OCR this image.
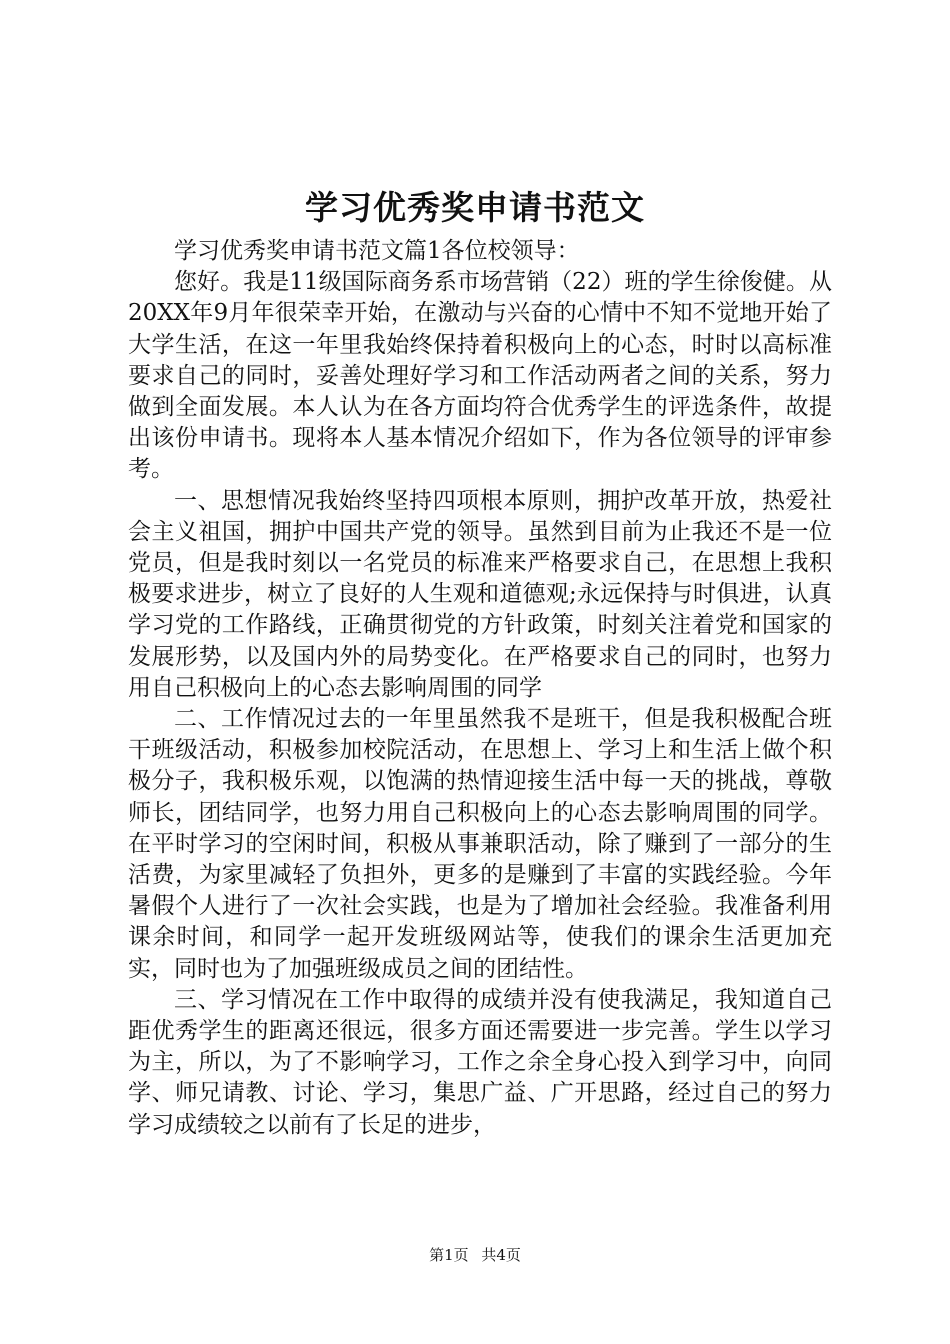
学习优秀奖申请书范文

学习优秀奖申请书范文篇1各位校领导：

您好。我是11级国际商务系市场营销（22）班的学生徐俊健。从20XX年9月年很荣幸开始，在激动与兴奋的心情中不知不觉地开始了大学生活，在这一年里我始终保持着积极向上的心态，时时以高标准要求自己的同时，妥善处理好学习和工作活动两者之间的关系，努力做到全面发展。本人认为在各方面均符合优秀学生的评选条件，故提出该份申请书。现将本人基本情况介绍如下，作为各位领导的评审参考。

一、思想情况我始终坚持四项根本原则，拥护改革开放，热爱社会主义祖国，拥护中国共产党的领导。虽然到目前为止我还不是一位党员，但是我时刻以一名党员的标准来严格要求自己，在思想上我积极要求进步，树立了良好的人生观和道德观;永远保持与时俱进，认真学习党的工作路线，正确贯彻党的方针政策，时刻关注着党和国家的发展形势，以及国内外的局势变化。在严格要求自己的同时，也努力用自己积极向上的心态去影响周围的同学

二、工作情况过去的一年里虽然我不是班干，但是我积极配合班干班级活动，积极参加校院活动，在思想上、学习上和生活上做个积极分子，我积极乐观，以饱满的热情迎接生活中每一天的挑战，尊敬师长，团结同学，也努力用自己积极向上的心态去影响周围的同学。在平时学习的空闲时间，积极从事兼职活动，除了赚到了一部分的生活费，为家里减轻了负担外，更多的是赚到了丰富的实践经验。今年暑假个人进行了一次社会实践，也是为了增加社会经验。我准备利用课余时间，和同学一起开发班级网站等，使我们的课余生活更加充实，同时也为了加强班级成员之间的团结性。

三、学习情况在工作中取得的成绩并没有使我满足，我知道自己距优秀学生的距离还很远，很多方面还需要进一步完善。学生以学习为主，所以，为了不影响学习，工作之余全身心投入到学习中，向同学、师兄请教、讨论、学习，集思广益、广开思路，经过自己的努力学习成绩较之以前有了长足的进步，

第1页 共4页
